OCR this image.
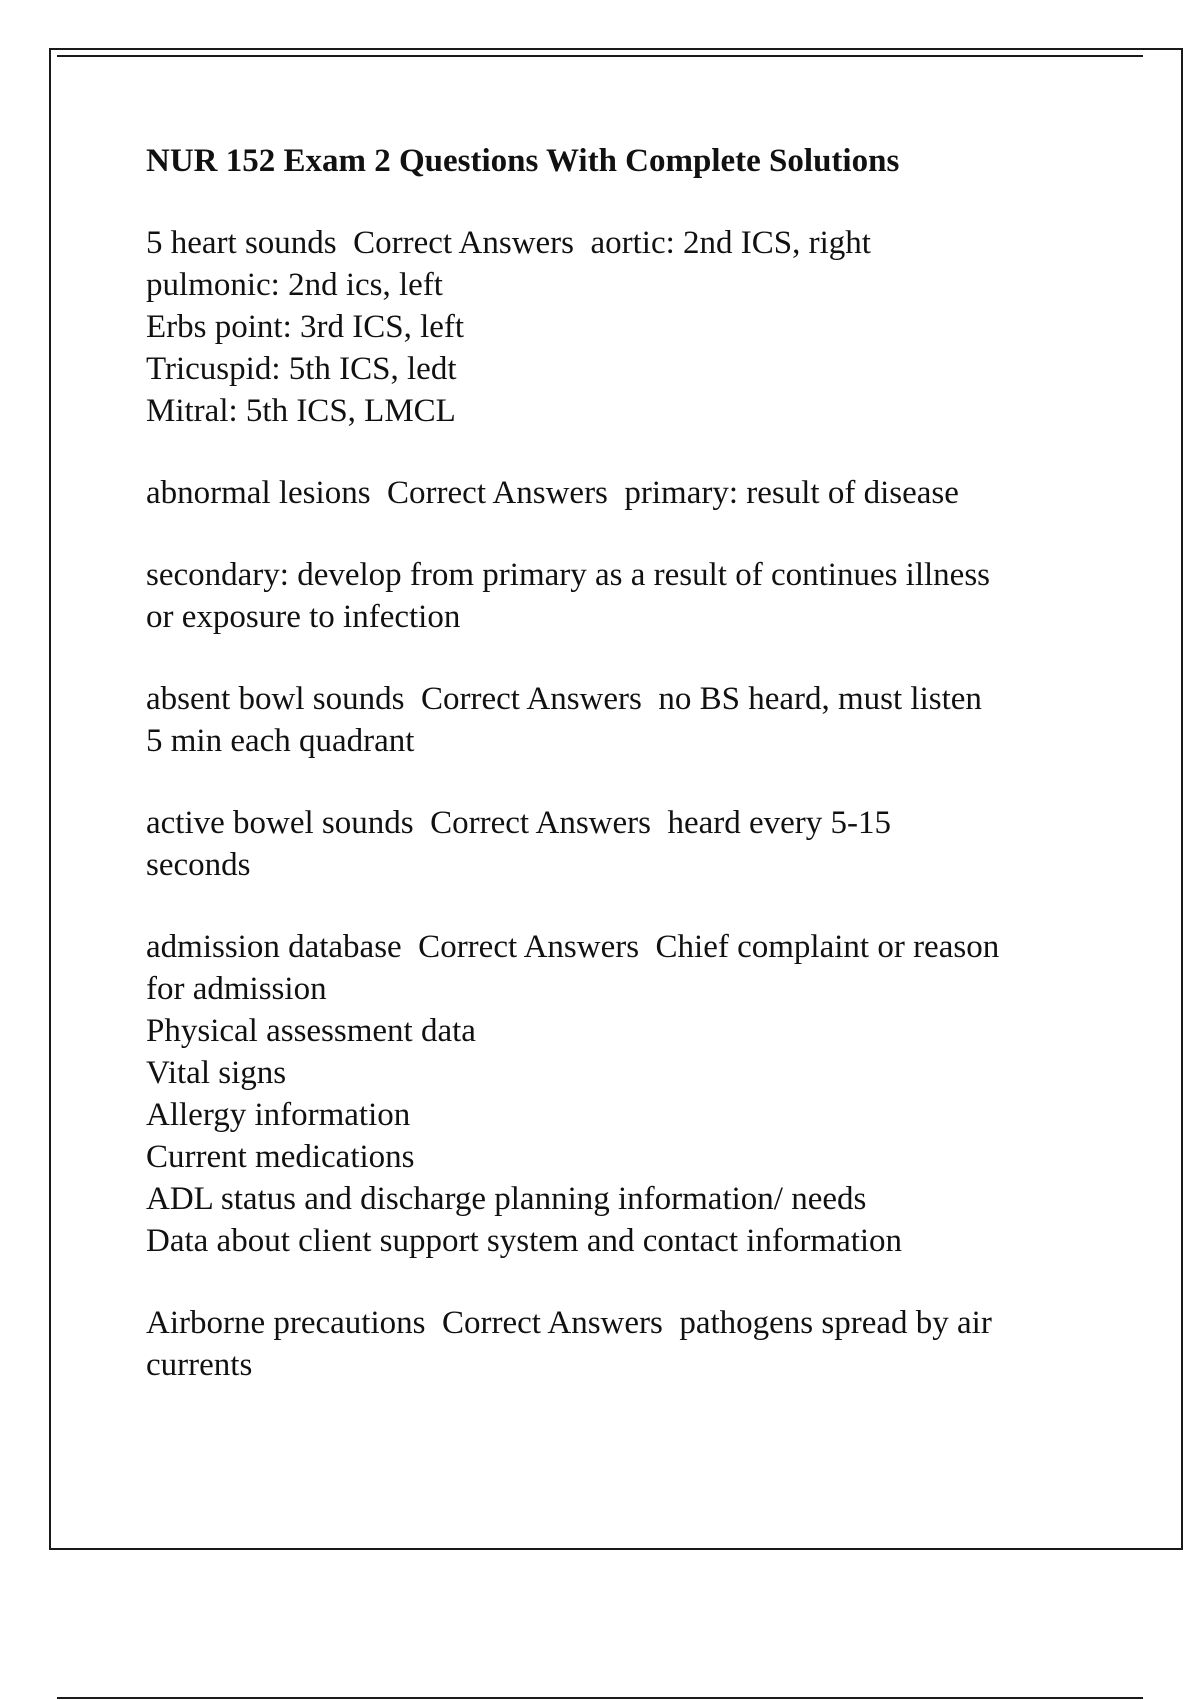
NUR 152 Exam 2 Questions With Complete Solutions
5 heart sounds  Correct Answers  aortic: 2nd ICS, right
pulmonic: 2nd ics, left
Erbs point: 3rd ICS, left
Tricuspid: 5th ICS, ledt
Mitral: 5th ICS, LMCL
abnormal lesions  Correct Answers  primary: result of disease
secondary: develop from primary as a result of continues illness
or exposure to infection
absent bowl sounds  Correct Answers  no BS heard, must listen
5 min each quadrant
active bowel sounds  Correct Answers  heard every 5-15
seconds
admission database  Correct Answers  Chief complaint or reason
for admission
Physical assessment data
Vital signs
Allergy information
Current medications
ADL status and discharge planning information/ needs
Data about client support system and contact information
Airborne precautions  Correct Answers  pathogens spread by air
currents
